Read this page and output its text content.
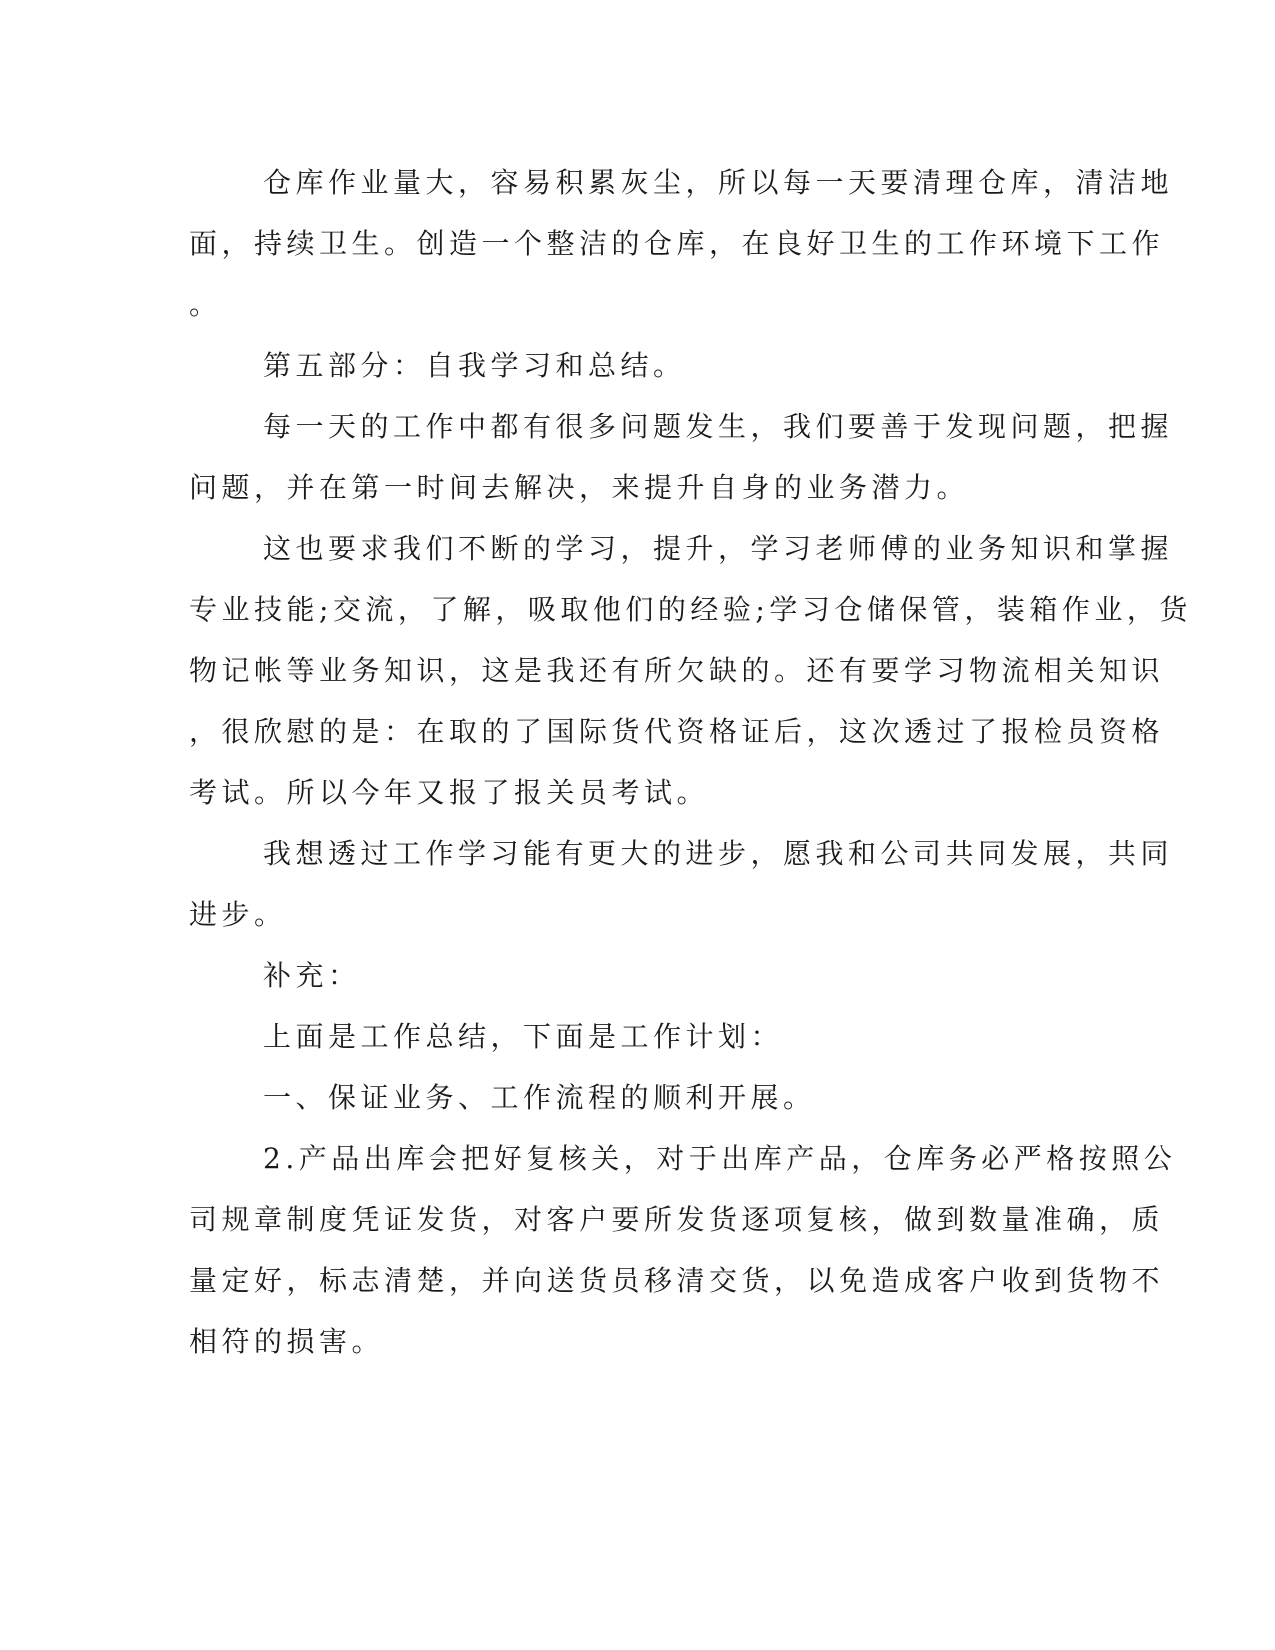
仓库作业量大，容易积累灰尘，所以每一天要清理仓库，清洁地
面，持续卫生。创造一个整洁的仓库，在良好卫生的工作环境下工作
。
第五部分：自我学习和总结。
每一天的工作中都有很多问题发生，我们要善于发现问题，把握
问题，并在第一时间去解决，来提升自身的业务潜力。
这也要求我们不断的学习，提升，学习老师傅的业务知识和掌握
专业技能;交流，了解，吸取他们的经验;学习仓储保管，装箱作业，货
物记帐等业务知识，这是我还有所欠缺的。还有要学习物流相关知识
，很欣慰的是：在取的了国际货代资格证后，这次透过了报检员资格
考试。所以今年又报了报关员考试。
我想透过工作学习能有更大的进步，愿我和公司共同发展，共同
进步。
补充：
上面是工作总结，下面是工作计划：
一、保证业务、工作流程的顺利开展。
2.产品出库会把好复核关，对于出库产品，仓库务必严格按照公
司规章制度凭证发货，对客户要所发货逐项复核，做到数量准确，质
量定好，标志清楚，并向送货员移清交货，以免造成客户收到货物不
相符的损害。
